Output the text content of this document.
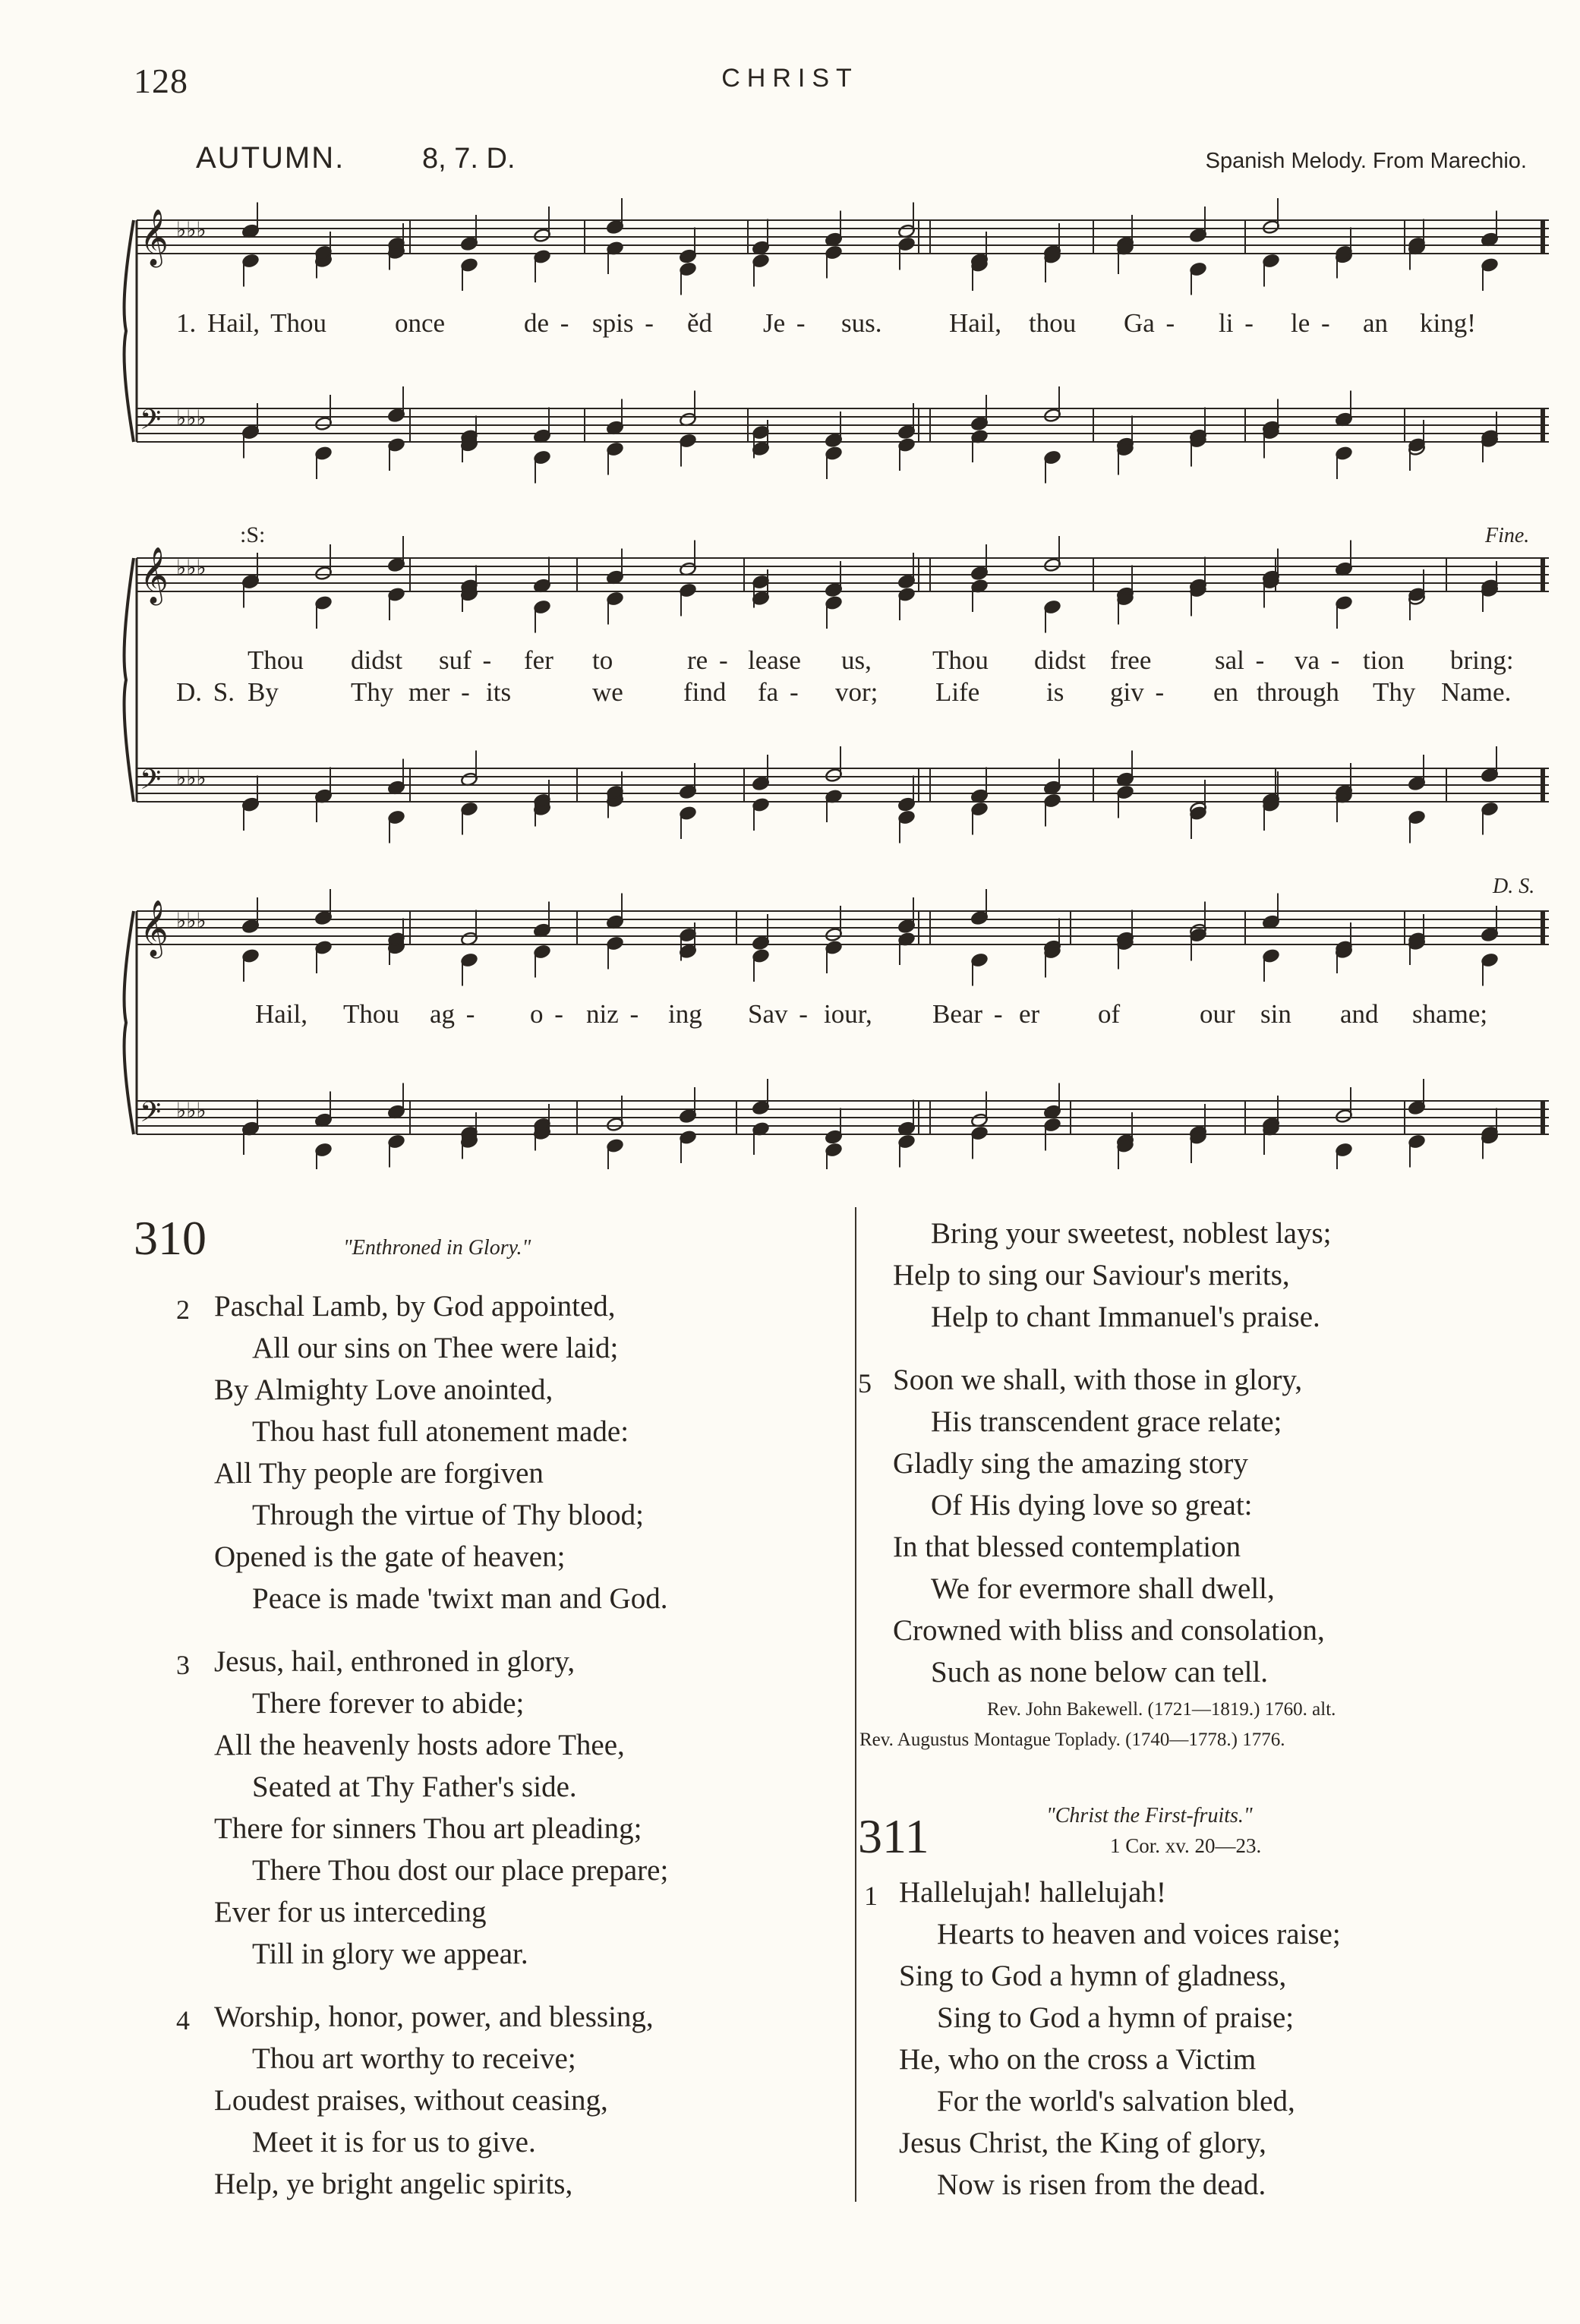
128	CHRIST
AUTUMN.	8, 7. D.	Spanish Melody. From Marechio.
𝄞 ♭♭♭
𝄢 ♭♭♭
𝄞 ♭♭♭
𝄢 ♭♭♭
𝄞 ♭♭♭
𝄢 ♭♭♭
1. Hail, Thou	once	de - spis - ěd Je - sus.	Hail, thou Ga - li - le - an king!
Thou didst suf - fer to	re - lease us, Thou didst free sal - va - tion bring:
D. S. By	Thy mer - its	we find fa - vor; Life	is giv - en through Thy Name.
Hail, Thou ag - o - niz - ing Sav - iour, Bear - er of	our sin and shame;
:S:	Fine.
D. S.
310	"Enthroned in Glory."
2 Paschal Lamb, by God appointed,
All our sins on Thee were laid;
By Almighty Love anointed,
Thou hast full atonement made:
All Thy people are forgiven
Through the virtue of Thy blood;
Opened is the gate of heaven;
Peace is made 'twixt man and God.
3 Jesus, hail, enthroned in glory,
There forever to abide;
All the heavenly hosts adore Thee,
Seated at Thy Father's side.
There for sinners Thou art pleading;
There Thou dost our place prepare;
Ever for us interceding
Till in glory we appear.
4 Worship, honor, power, and blessing,
Thou art worthy to receive;
Loudest praises, without ceasing,
Meet it is for us to give.
Help, ye bright angelic spirits,
Bring your sweetest, noblest lays;
Help to sing our Saviour's merits,
Help to chant Immanuel's praise.
5 Soon we shall, with those in glory,
His transcendent grace relate;
Gladly sing the amazing story
Of His dying love so great:
In that blessed contemplation
We for evermore shall dwell,
Crowned with bliss and consolation,
Such as none below can tell.
Rev. John Bakewell. (1721—1819.) 1760. alt.
Rev. Augustus Montague Toplady. (1740—1778.) 1776.
311	"Christ the First-fruits."
1 Cor. xv. 20—23.
1 Hallelujah! hallelujah!
Hearts to heaven and voices raise;
Sing to God a hymn of gladness,
Sing to God a hymn of praise;
He, who on the cross a Victim
For the world's salvation bled,
Jesus Christ, the King of glory,
Now is risen from the dead.
